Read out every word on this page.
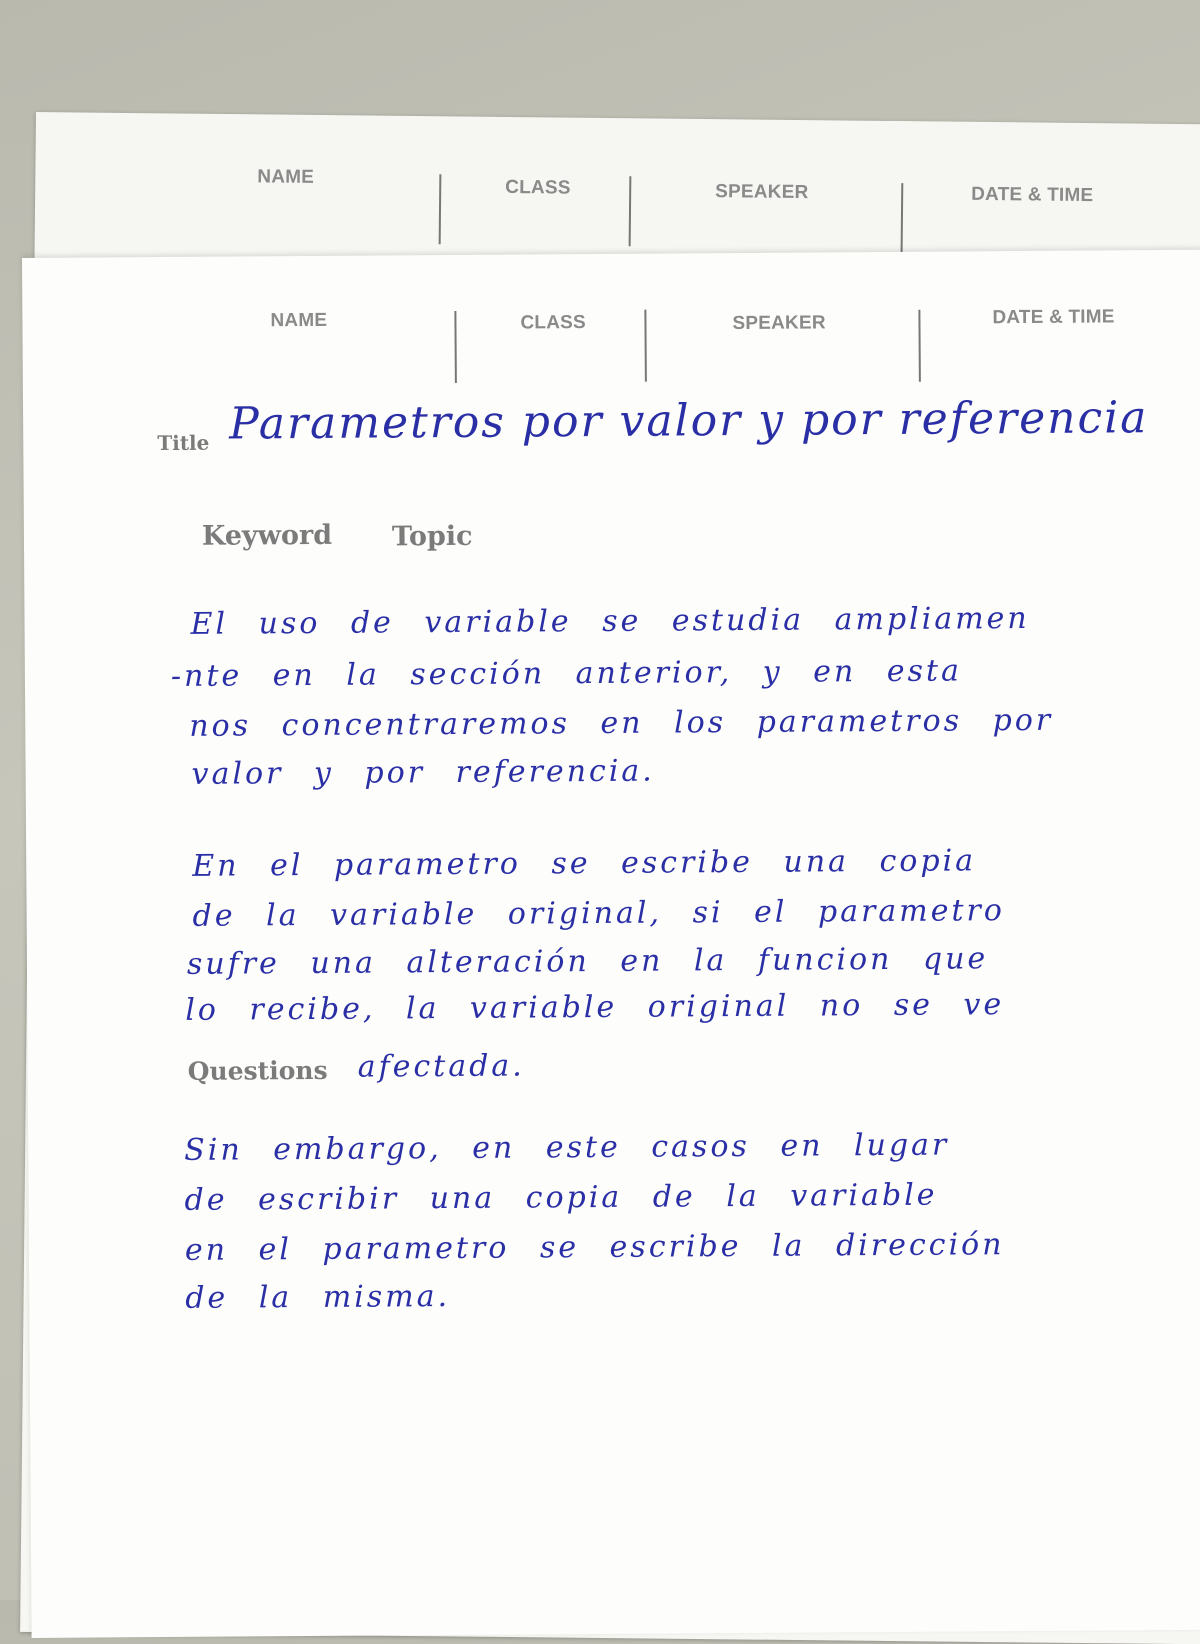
NAME	CLASS	SPEAKER	DATE & TIME
NAME	CLASS	SPEAKER	DATE & TIME
Title Parametros por valor y por referencia
Keyword Topic
El uso de variable se estudia ampliamen
-nte en la sección anterior, y en esta
nos concentraremos en los parametros por
valor y por referencia.
En el parametro se escribe una copia
de la variable original, si el parametro
sufre una alteración en la funcion que
lo recibe, la variable original no se ve
afectada.
Questions
Sin embargo, en este casos en lugar
de escribir una copia de la variable
en el parametro se escribe la dirección
de la misma.
